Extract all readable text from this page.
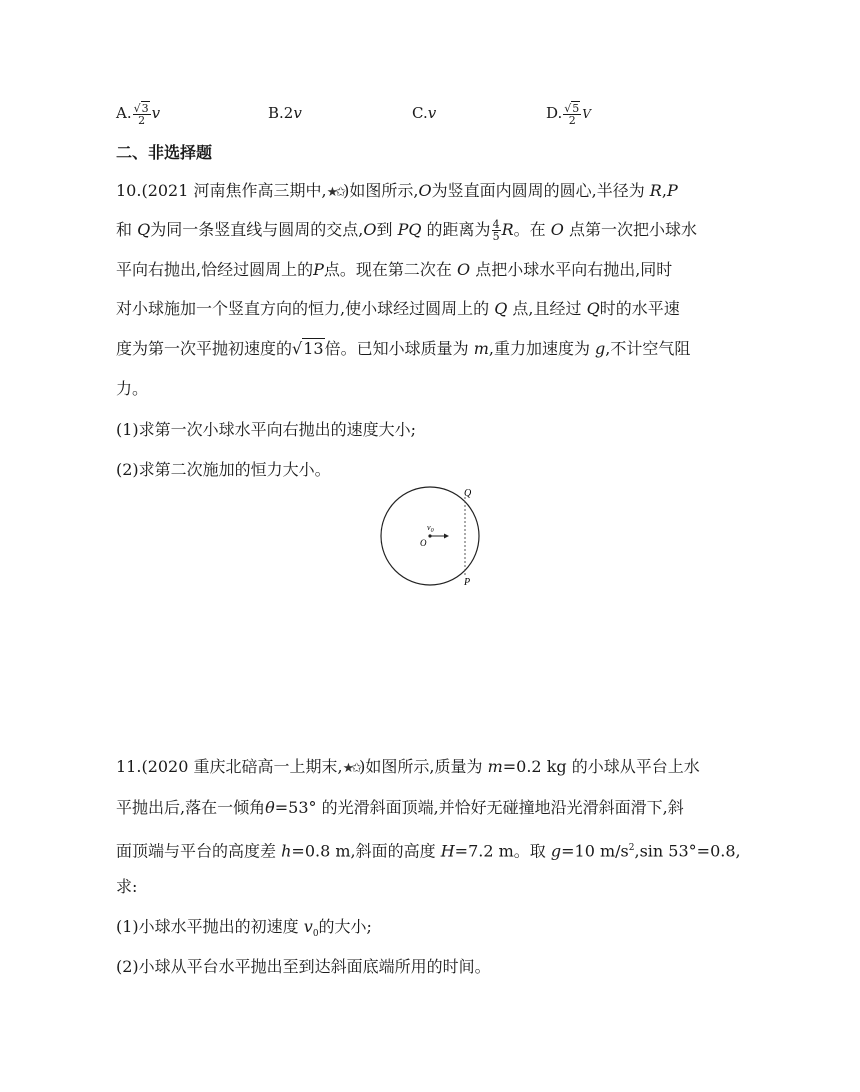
A. $\frac{√3}{2}$ v	B.2v	C.v	D. $\frac{√5}{2}$ V
二、非选择题
10.(2021 河南焦作高三期中,★✩)如图所示,O为竖直面内圆周的圆心,半径为 R,P
和 Q为同一条竖直线与圆周的交点,O到 PQ 的距离为 $\frac{4}{5}$ R。在 O 点第一次把小球水
平向右抛出,恰经过圆周上的P点。现在第二次在 O 点把小球水平向右抛出,同时
对小球施加一个竖直方向的恒力,使小球经过圆周上的 Q 点,且经过 Q时的水平速
度为第一次平抛初速度的√13倍。已知小球质量为 m,重力加速度为 g,不计空气阻
力。
(1)求第一次小球水平向右抛出的速度大小;
(2)求第二次施加的恒力大小。
Q
P
O
$v_0$
11.(2020 重庆北碚高一上期末,★✩)如图所示,质量为 m=0.2 kg 的小球从平台上水
平抛出后,落在一倾角θ=53° 的光滑斜面顶端,并恰好无碰撞地沿光滑斜面滑下,斜
面顶端与平台的高度差 h=0.8 m,斜面的高度 H=7.2 m。取 g=10 $m/s^2,\sin$ 53°=0.8,
求:
(1)小球水平抛出的初速度 $v_0$的大小;
(2)小球从平台水平抛出至到达斜面底端所用的时间。
